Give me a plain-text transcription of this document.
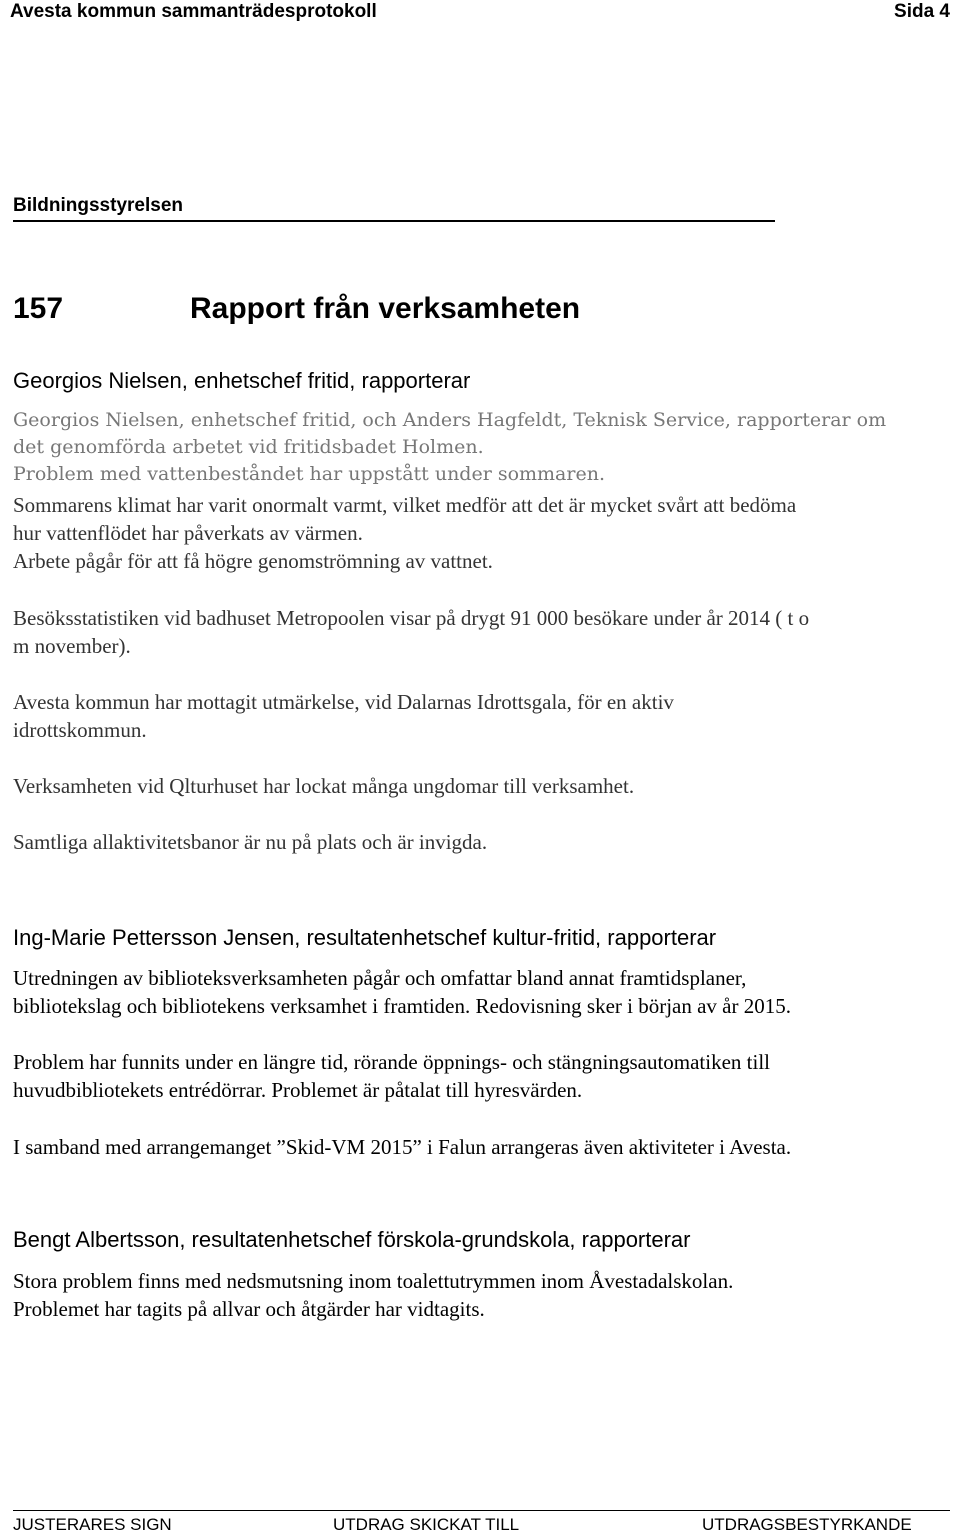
Avesta kommun sammanträdesprotokoll	Sida 4
Bildningsstyrelsen
157	Rapport från verksamheten
Georgios Nielsen, enhetschef fritid, rapporterar
Georgios Nielsen, enhetschef fritid, och Anders Hagfeldt, Teknisk Service, rapporterar om
det genomförda arbetet vid fritidsbadet Holmen.
Problem med vattenbeståndet har uppstått under sommaren.
Sommarens klimat har varit onormalt varmt, vilket medför att det är mycket svårt att bedöma
hur vattenflödet har påverkats av värmen.
Arbete pågår för att få högre genomströmning av vattnet.
Besöksstatistiken vid badhuset Metropoolen visar på drygt 91 000 besökare under år 2014 ( t o
m november).
Avesta kommun har mottagit utmärkelse, vid Dalarnas Idrottsgala, för en aktiv
idrottskommun.
Verksamheten vid Qlturhuset har lockat många ungdomar till verksamhet.
Samtliga allaktivitetsbanor är nu på plats och är invigda.
Ing-Marie Pettersson Jensen, resultatenhetschef kultur-fritid, rapporterar
Utredningen av biblioteksverksamheten pågår och omfattar bland annat framtidsplaner,
bibliotekslag och bibliotekens verksamhet i framtiden. Redovisning sker i början av år 2015.
Problem har funnits under en längre tid, rörande öppnings- och stängningsautomatiken till
huvudbibliotekets entrédörrar. Problemet är påtalat till hyresvärden.
I samband med arrangemanget ”Skid-VM 2015” i Falun arrangeras även aktiviteter i Avesta.
Bengt Albertsson, resultatenhetschef förskola-grundskola, rapporterar
Stora problem finns med nedsmutsning inom toalettutrymmen inom Åvestadalskolan.
Problemet har tagits på allvar och åtgärder har vidtagits.
JUSTERARES SIGN	UTDRAG SKICKAT TILL	UTDRAGSBESTYRKANDE
